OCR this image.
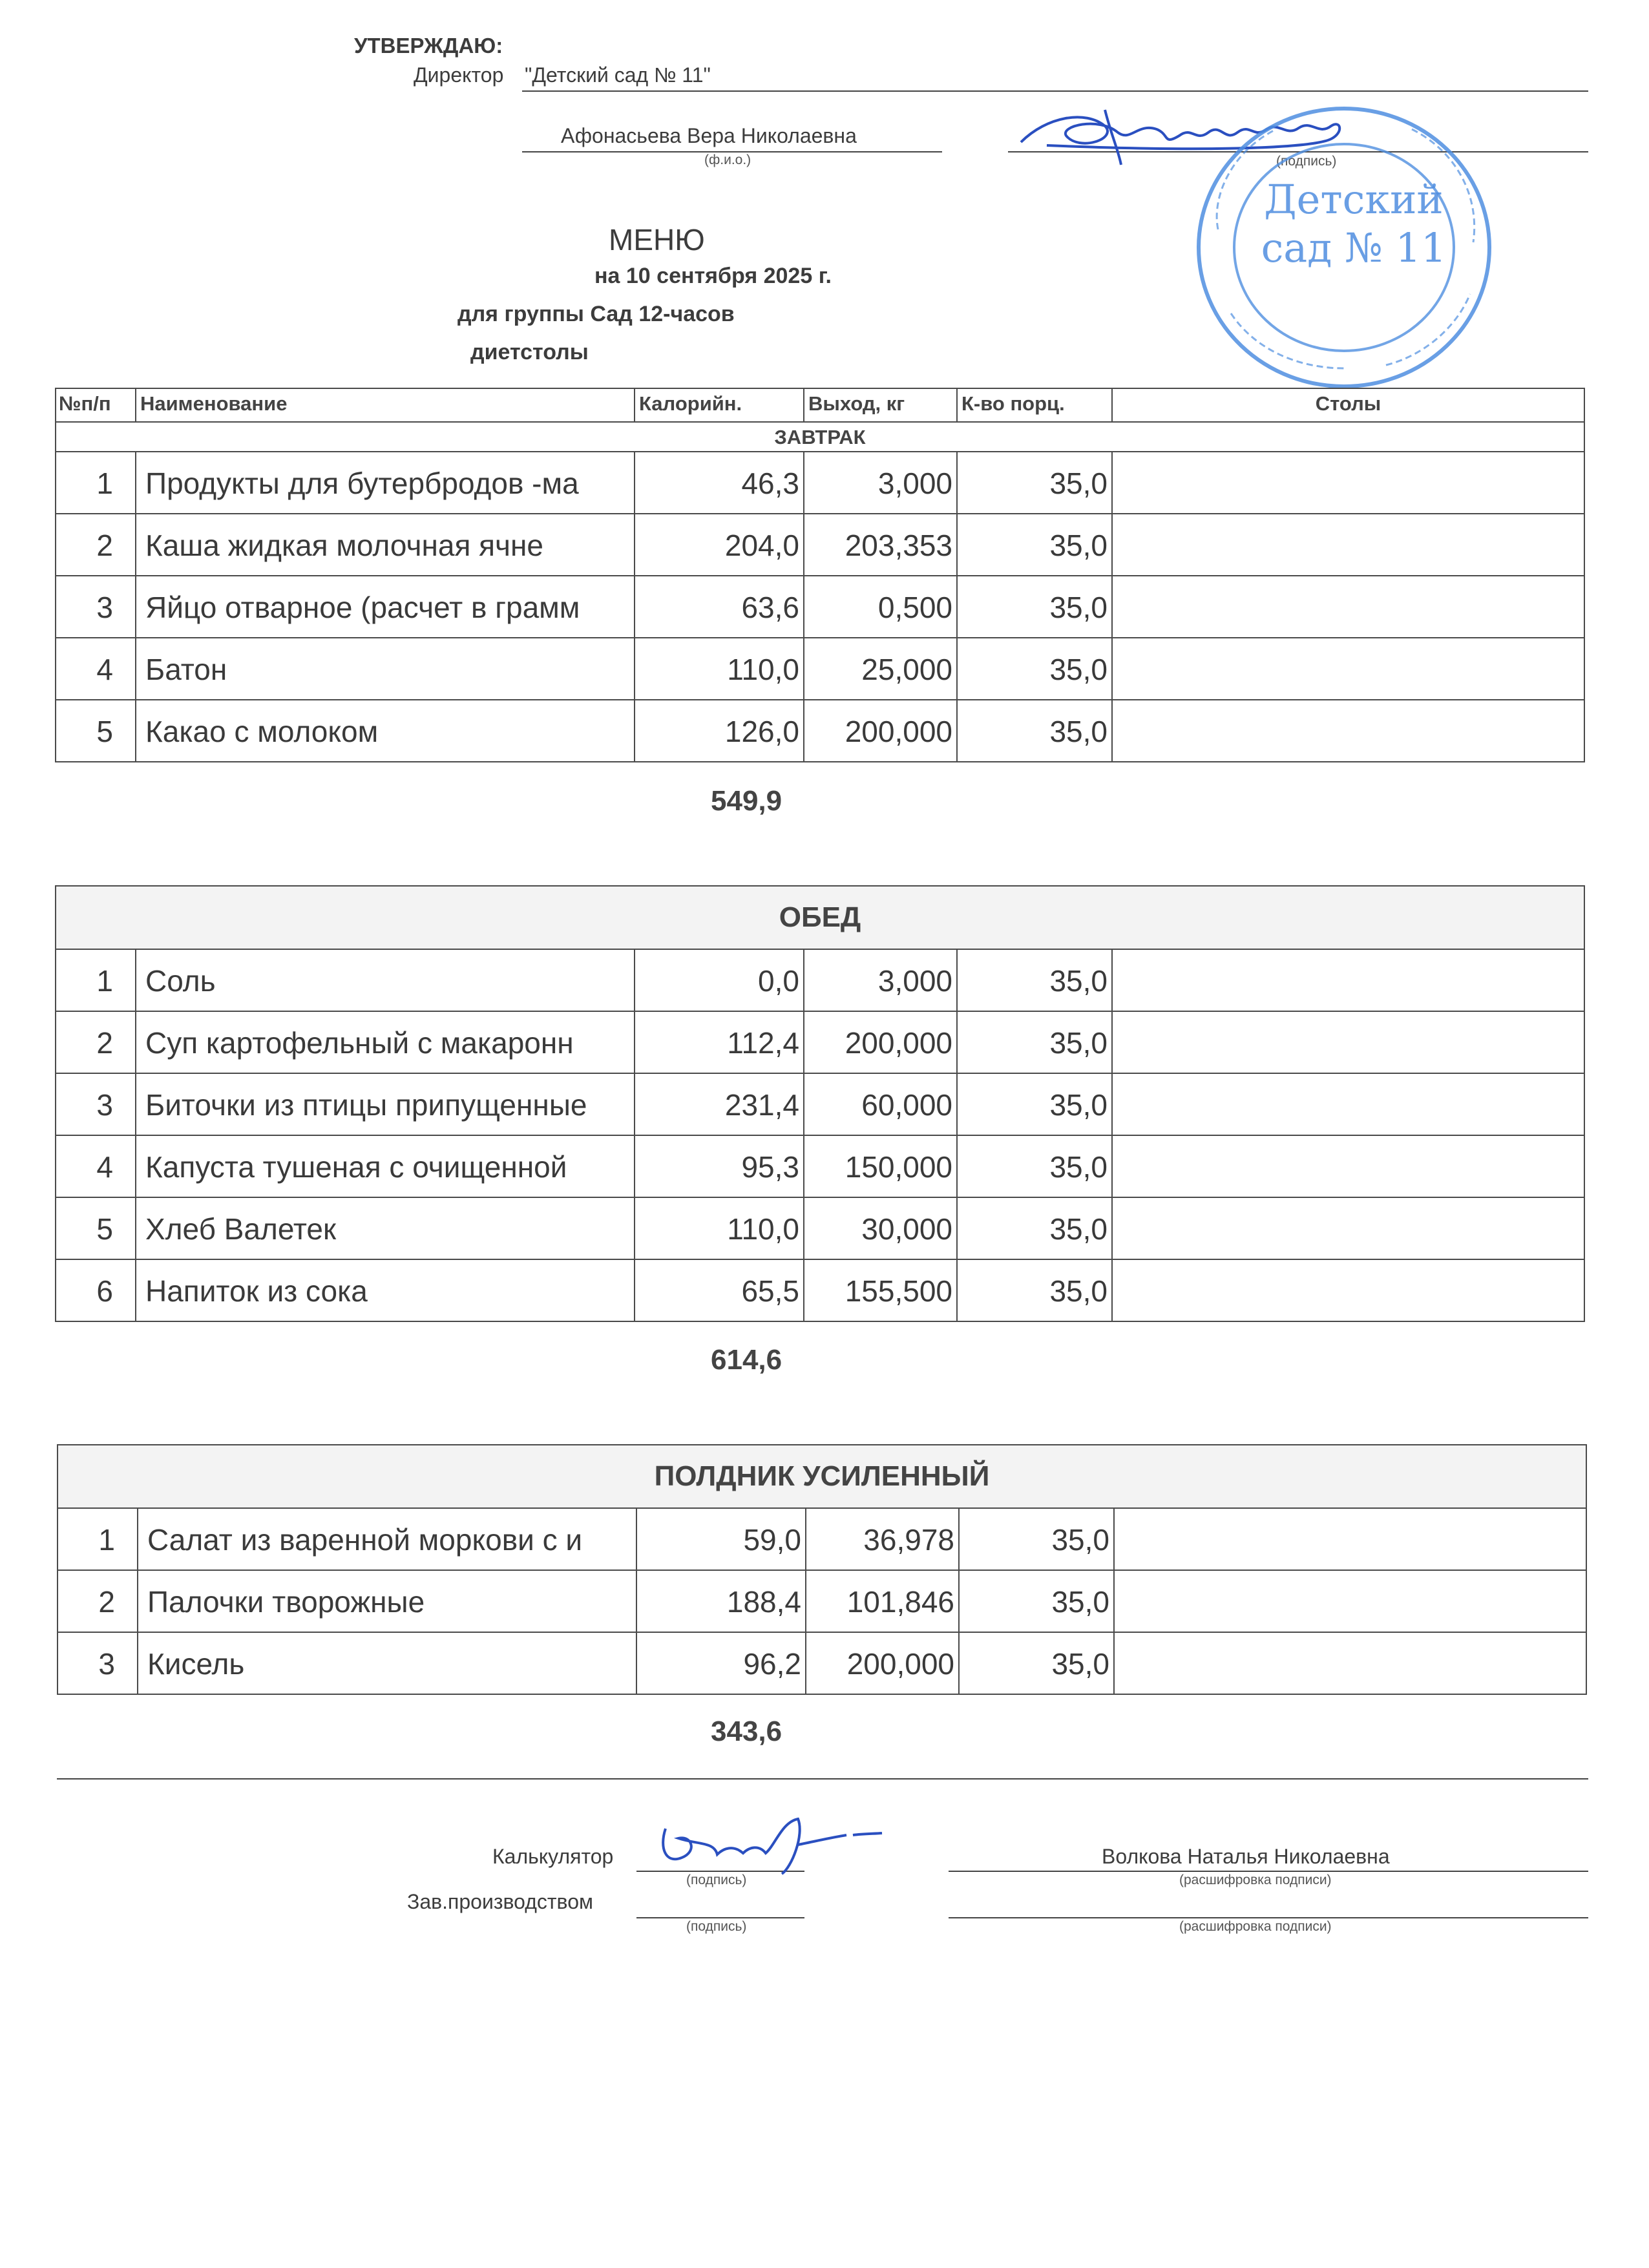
УТВЕРЖДАЮ:
Директор "Детский сад № 11"
Афонасьева Вера Николаевна
(ф.и.о.)	(подпись)
Детский
сад № 11
МЕНЮ
на 10 сентября 2025 г.
для группы Сад 12-часов
диетстолы
№п/п	Наименование	Калорийн.	Выход, кг	К-во порц.	Столы
ЗАВТРАК
1	Продукты для бутербродов -ма	46,3	3,000	35,0
2	Каша жидкая молочная ячне	204,0	203,353	35,0
3	Яйцо отварное (расчет в грамм	63,6	0,500	35,0
4	Батон	110,0	25,000	35,0
5	Какао с молоком	126,0	200,000	35,0
549,9
ОБЕД
1	Соль	0,0	3,000	35,0
2	Суп картофельный с макаронн	112,4	200,000	35,0
3	Биточки из птицы припущенные	231,4	60,000	35,0
4	Капуста тушеная с очищенной	95,3	150,000	35,0
5	Хлеб Валетек	110,0	30,000	35,0
6	Напиток из сока	65,5	155,500	35,0
614,6
ПОЛДНИК УСИЛЕННЫЙ
1	Салат из варенной моркови с и	59,0	36,978	35,0
2	Палочки творожные	188,4	101,846	35,0
3	Кисель	96,2	200,000	35,0
343,6
Калькулятор
(подпись)
Волкова Наталья Николаевна
(расшифровка подписи)
Зав.производством
(подпись)	(расшифровка подписи)
